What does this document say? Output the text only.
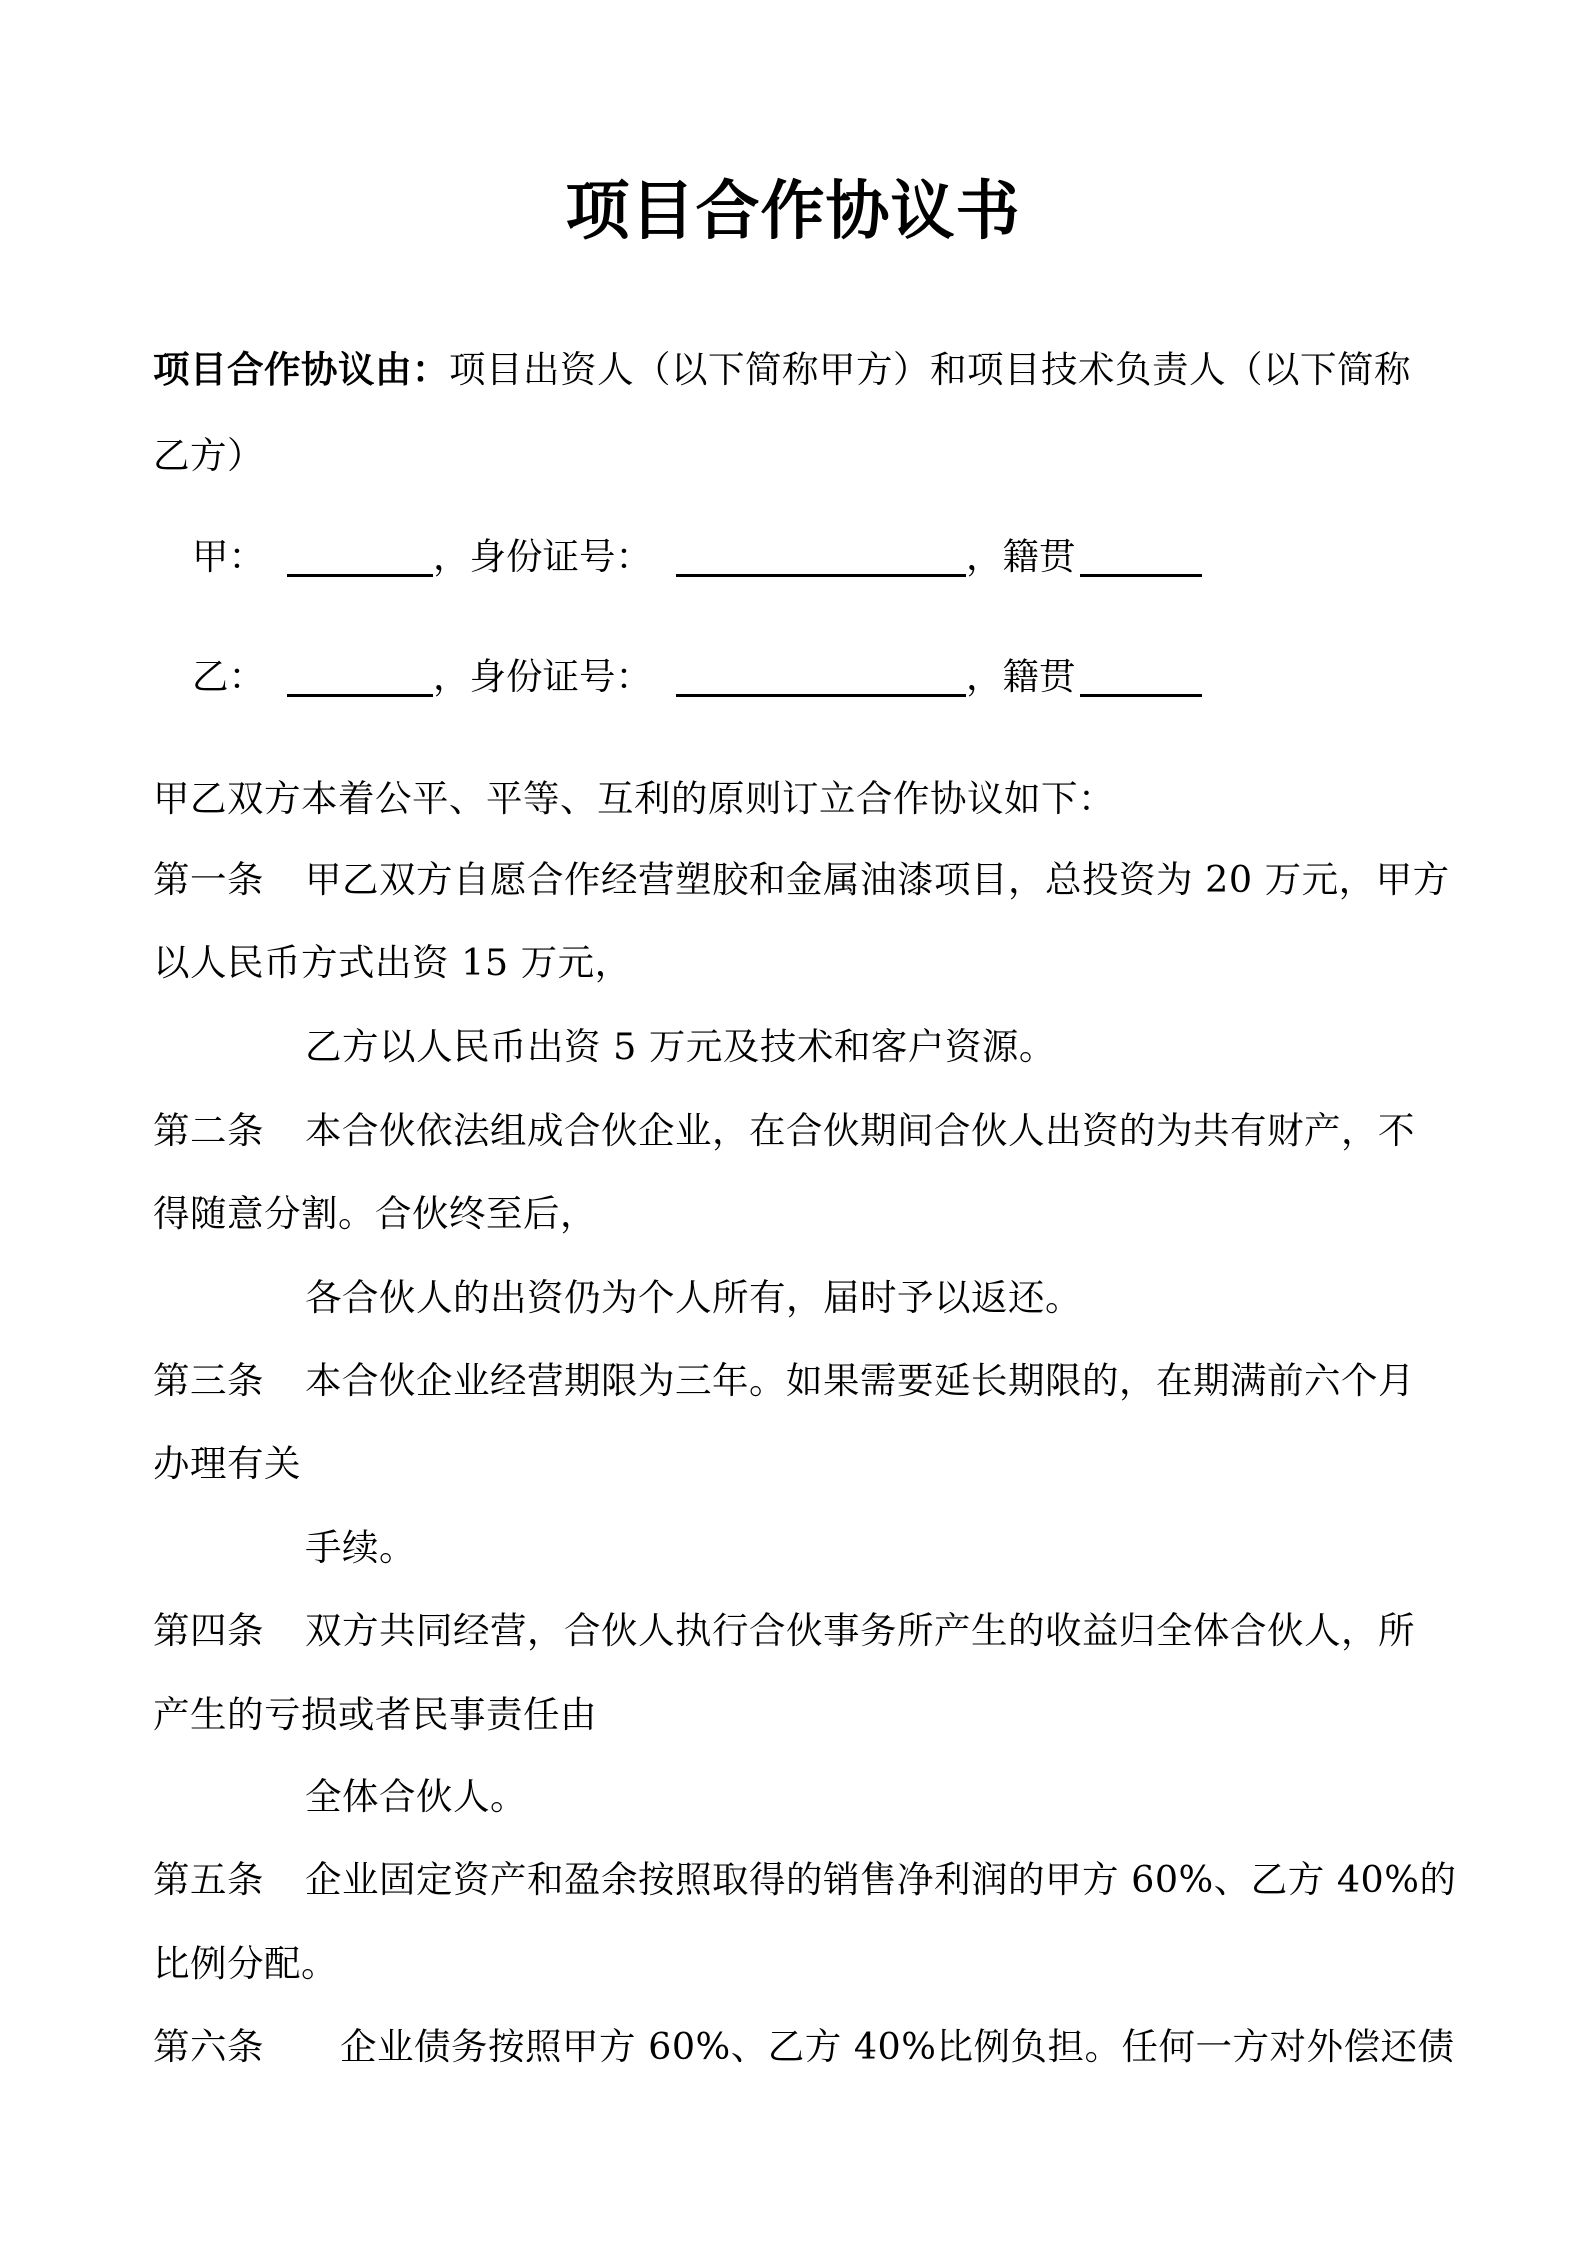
项目合作协议书
项目合作协议由：项目出资人（以下简称甲方）和项目技术负责人（以下简称
乙方）
甲：	，身份证号：	，籍贯
乙：	，身份证号：	，籍贯
甲乙双方本着公平、平等、互利的原则订立合作协议如下：
第一条 甲乙双方自愿合作经营塑胶和金属油漆项目，总投资为 20 万元，甲方
以人民币方式出资 15 万元，
乙方以人民币出资 5 万元及技术和客户资源。
第二条 本合伙依法组成合伙企业，在合伙期间合伙人出资的为共有财产，不
得随意分割。合伙终至后，
各合伙人的出资仍为个人所有，届时予以返还。
第三条 本合伙企业经营期限为三年。如果需要延长期限的，在期满前六个月
办理有关
手续。
第四条 双方共同经营，合伙人执行合伙事务所产生的收益归全体合伙人，所
产生的亏损或者民事责任由
全体合伙人。
第五条 企业固定资产和盈余按照取得的销售净利润的甲方 60%、乙方 40%的
比例分配。
第六条 企业债务按照甲方 60%、乙方 40%比例负担。任何一方对外偿还债
